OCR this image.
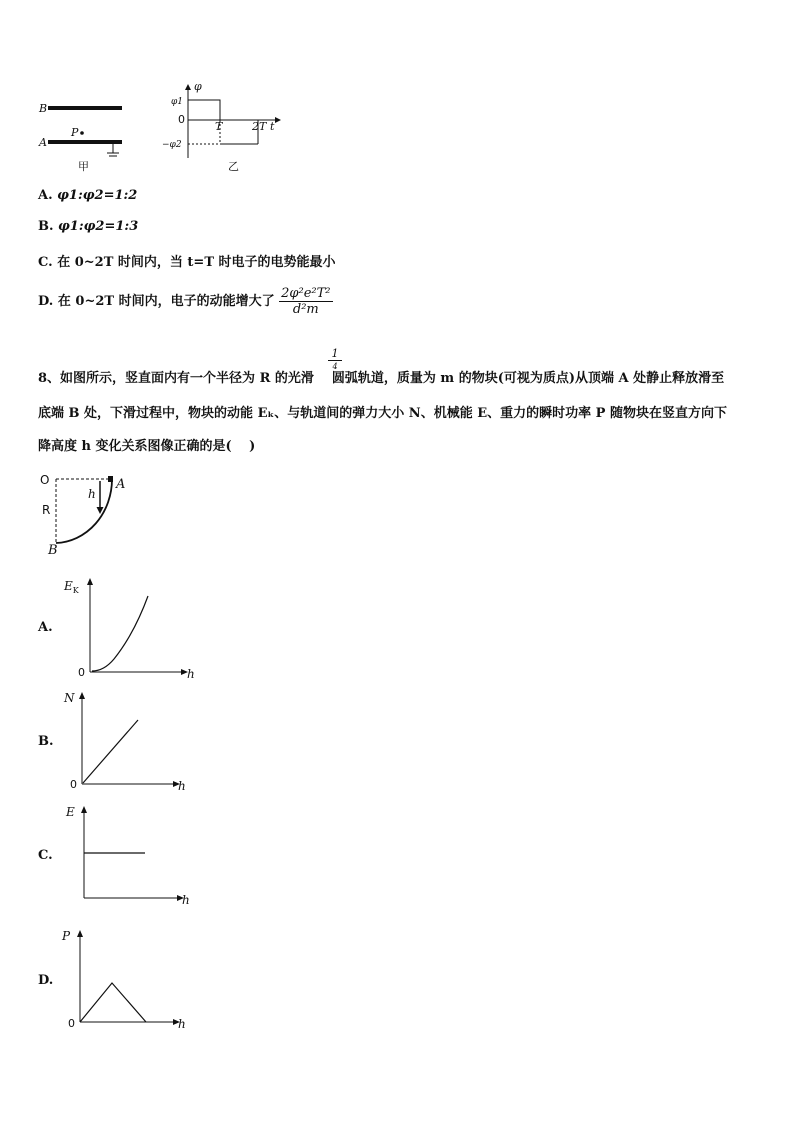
B
P
A
甲
φ
t
φ1
0
−φ2
T	2T
乙
A. φ1:φ2=1:2
B. φ1:φ2=1:3
C. 在 0~2T 时间内，当 t=T 时电子的电势能最小
D. 在 0~2T 时间内，电子的动能增大了 $\frac{\text{2φ²e²T²}}{\text{d²m}}$
8、如图所示，竖直面内有一个半径为 R 的光滑
1
4
圆弧轨道，质量为 m 的物块(可视为质点)从顶端 A 处静止释放滑至
底端 B 处，下滑过程中，物块的动能 Eₖ、与轨道间的弹力大小 N、机械能 E、重力的瞬时功率 P 随物块在竖直方向下
降高度 h 变化关系图像正确的是(　 )
O
R
h
A
B
A.
$E_K$
0	h
B.
N
0	h
C.
E
h
D.
P
0	h
